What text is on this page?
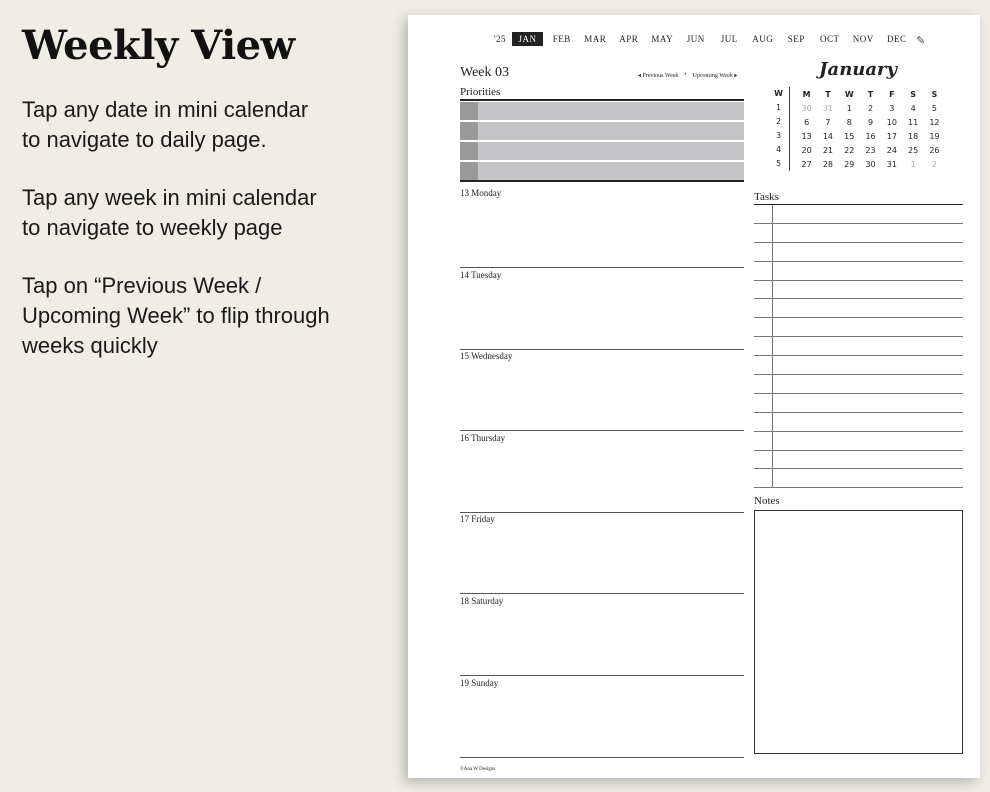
Weekly View

Tap any date in mini calendar to navigate to daily page.

Tap any week in mini calendar to navigate to weekly page

Tap on “Previous Week / Upcoming Week” to flip through weeks quickly

'25	JAN	FEB	MAR	APR	MAY	JUN	JUL	AUG	SEP	OCT	NOV	DEC ✎
Week 03	◂ Previous Week • Upcoming Week ▸
Priorities
13 Monday
14 Tuesday
15 Wednesday
16 Thursday
17 Friday
18 Saturday
19 Sunday
January
W	M	T	W	T	F	S	S
1	30	31	1	2	3	4	5
2	6	7	8	9	10	11	12
3	13	14	15	16	17	18	19
4	20	21	22	23	24	25	26
5	27	28	29	30	31	1	2
Tasks
Notes
©Ana W Designs
